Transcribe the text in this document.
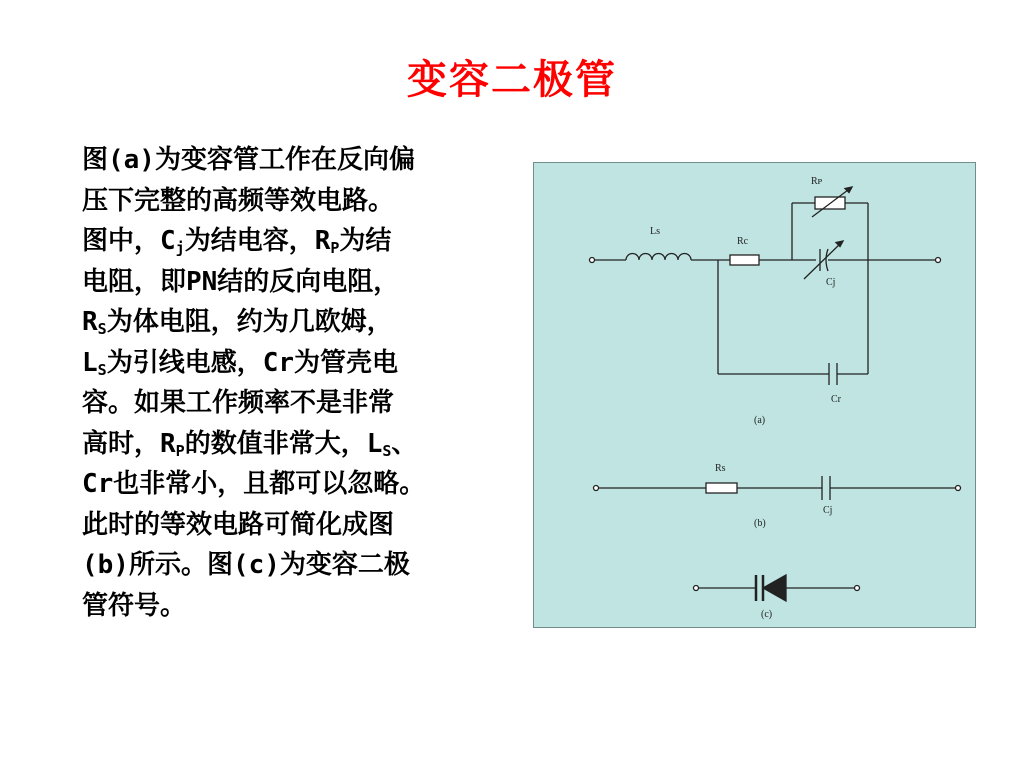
变容二极管
图(a)为变容管工作在反向偏
压下完整的高频等效电路。
图中，$C_j$为结电容，$R_P$为结
电阻，即PN结的反向电阻，
$R_S$为体电阻，约为几欧姆，
$L_S$为引线电感，Cr为管壳电
容。如果工作频率不是非常
高时，$R_P$的数值非常大，$L_S$、
Cr也非常小，且都可以忽略。
此时的等效电路可简化成图
(b)所示。图(c)为变容二极
管符号。
Rᴘ
Ls
Rc
Cj
Cr
(a)
Rs
Cj
(b)
(c)
